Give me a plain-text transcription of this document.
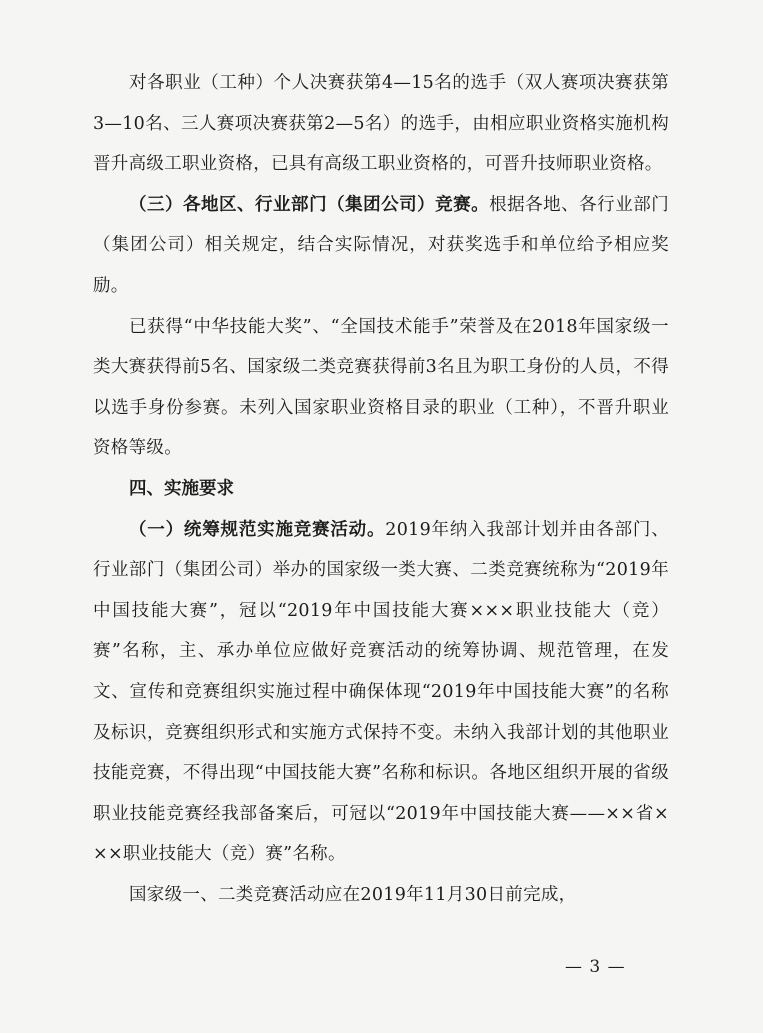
对各职业（工种）个人决赛获第4—15名的选手（双人赛项决赛获第3—10名、三人赛项决赛获第2—5名）的选手，由相应职业资格实施机构晋升高级工职业资格，已具有高级工职业资格的，可晋升技师职业资格。

（三）各地区、行业部门（集团公司）竞赛。根据各地、各行业部门（集团公司）相关规定，结合实际情况，对获奖选手和单位给予相应奖励。

已获得“中华技能大奖”、“全国技术能手”荣誉及在2018年国家级一类大赛获得前5名、国家级二类竞赛获得前3名且为职工身份的人员，不得以选手身份参赛。未列入国家职业资格目录的职业（工种），不晋升职业资格等级。

四、实施要求

（一）统筹规范实施竞赛活动。2019年纳入我部计划并由各部门、行业部门（集团公司）举办的国家级一类大赛、二类竞赛统称为“2019年中国技能大赛”，冠以“2019年中国技能大赛×××职业技能大（竞）赛”名称，主、承办单位应做好竞赛活动的统筹协调、规范管理，在发文、宣传和竞赛组织实施过程中确保体现“2019年中国技能大赛”的名称及标识，竞赛组织形式和实施方式保持不变。未纳入我部计划的其他职业技能竞赛，不得出现“中国技能大赛”名称和标识。各地区组织开展的省级职业技能竞赛经我部备案后，可冠以“2019年中国技能大赛——××省×××职业技能大（竞）赛”名称。

国家级一、二类竞赛活动应在2019年11月30日前完成，

— 3 —
